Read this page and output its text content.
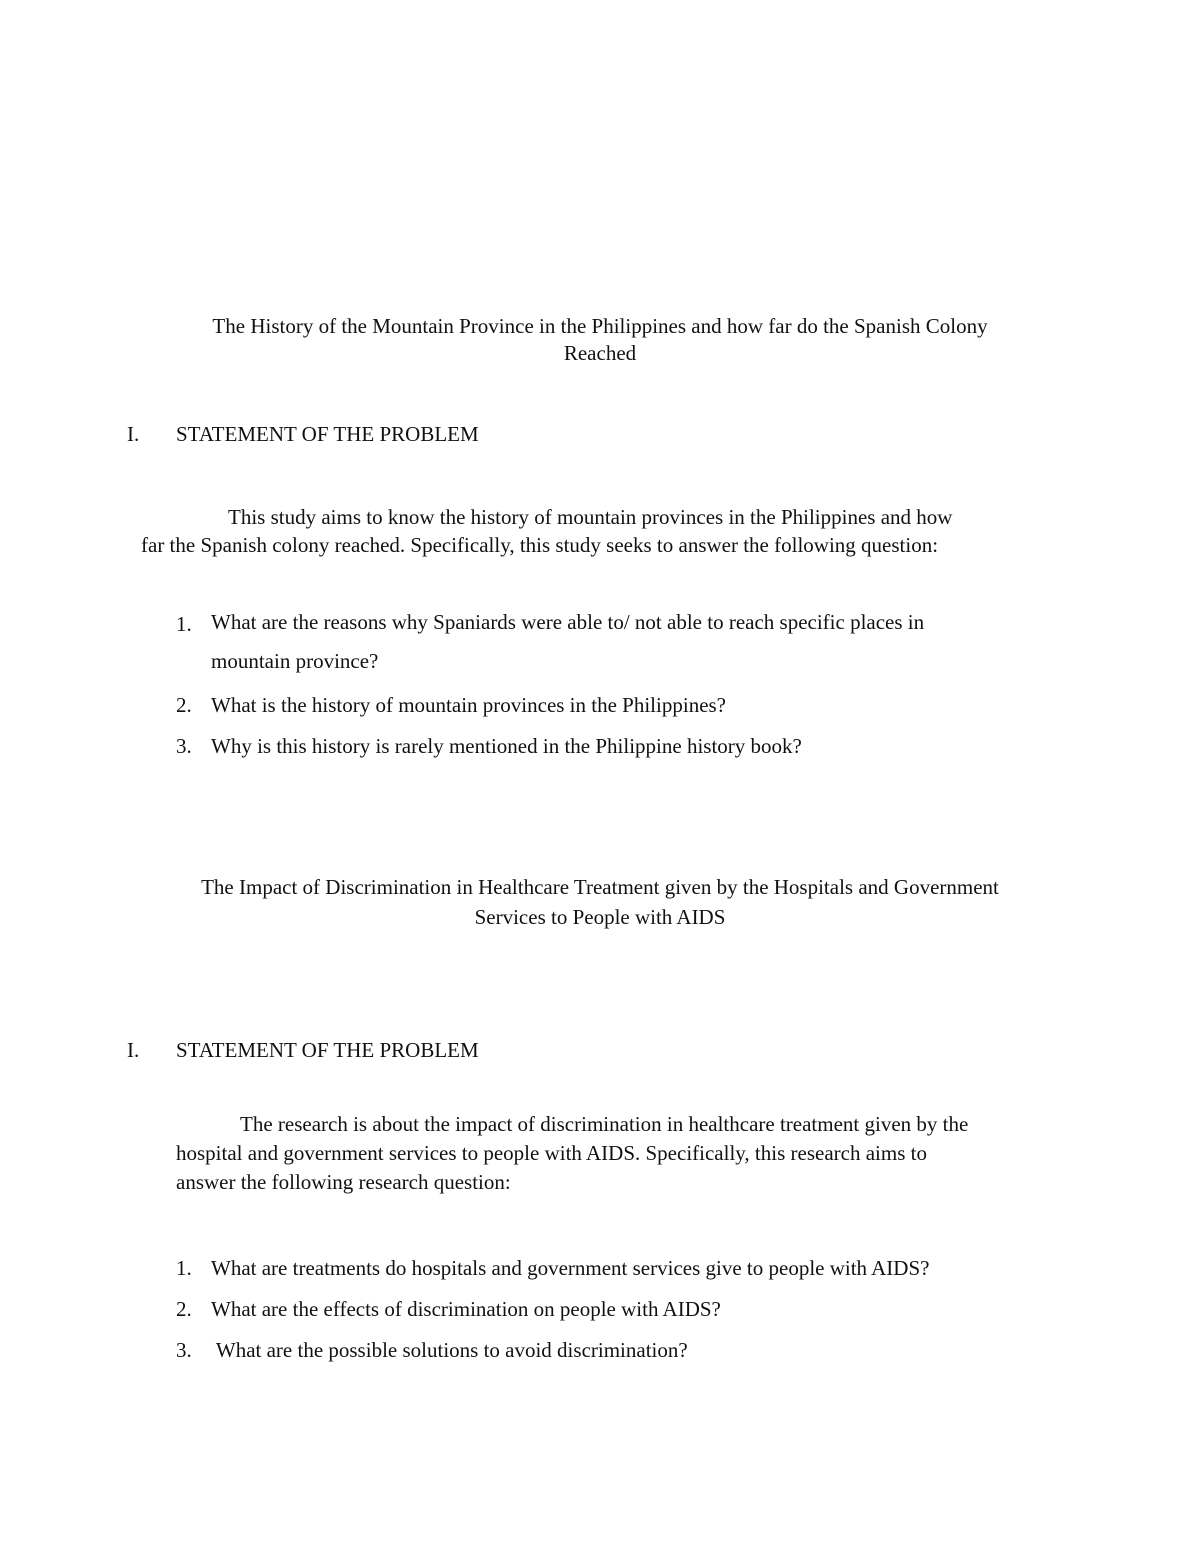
The History of the Mountain Province in the Philippines and how far do the Spanish Colony
Reached
I. STATEMENT OF THE PROBLEM
This study aims to know the history of mountain provinces in the Philippines and how
far the Spanish colony reached. Specifically, this study seeks to answer the following question:
1. What are the reasons why Spaniards were able to/ not able to reach specific places in
mountain province?
2. What is the history of mountain provinces in the Philippines?
3. Why is this history is rarely mentioned in the Philippine history book?
The Impact of Discrimination in Healthcare Treatment given by the Hospitals and Government
Services to People with AIDS
I. STATEMENT OF THE PROBLEM
The research is about the impact of discrimination in healthcare treatment given by the
hospital and government services to people with AIDS. Specifically, this research aims to
answer the following research question:
1. What are treatments do hospitals and government services give to people with AIDS?
2. What are the effects of discrimination on people with AIDS?
3. What are the possible solutions to avoid discrimination?
